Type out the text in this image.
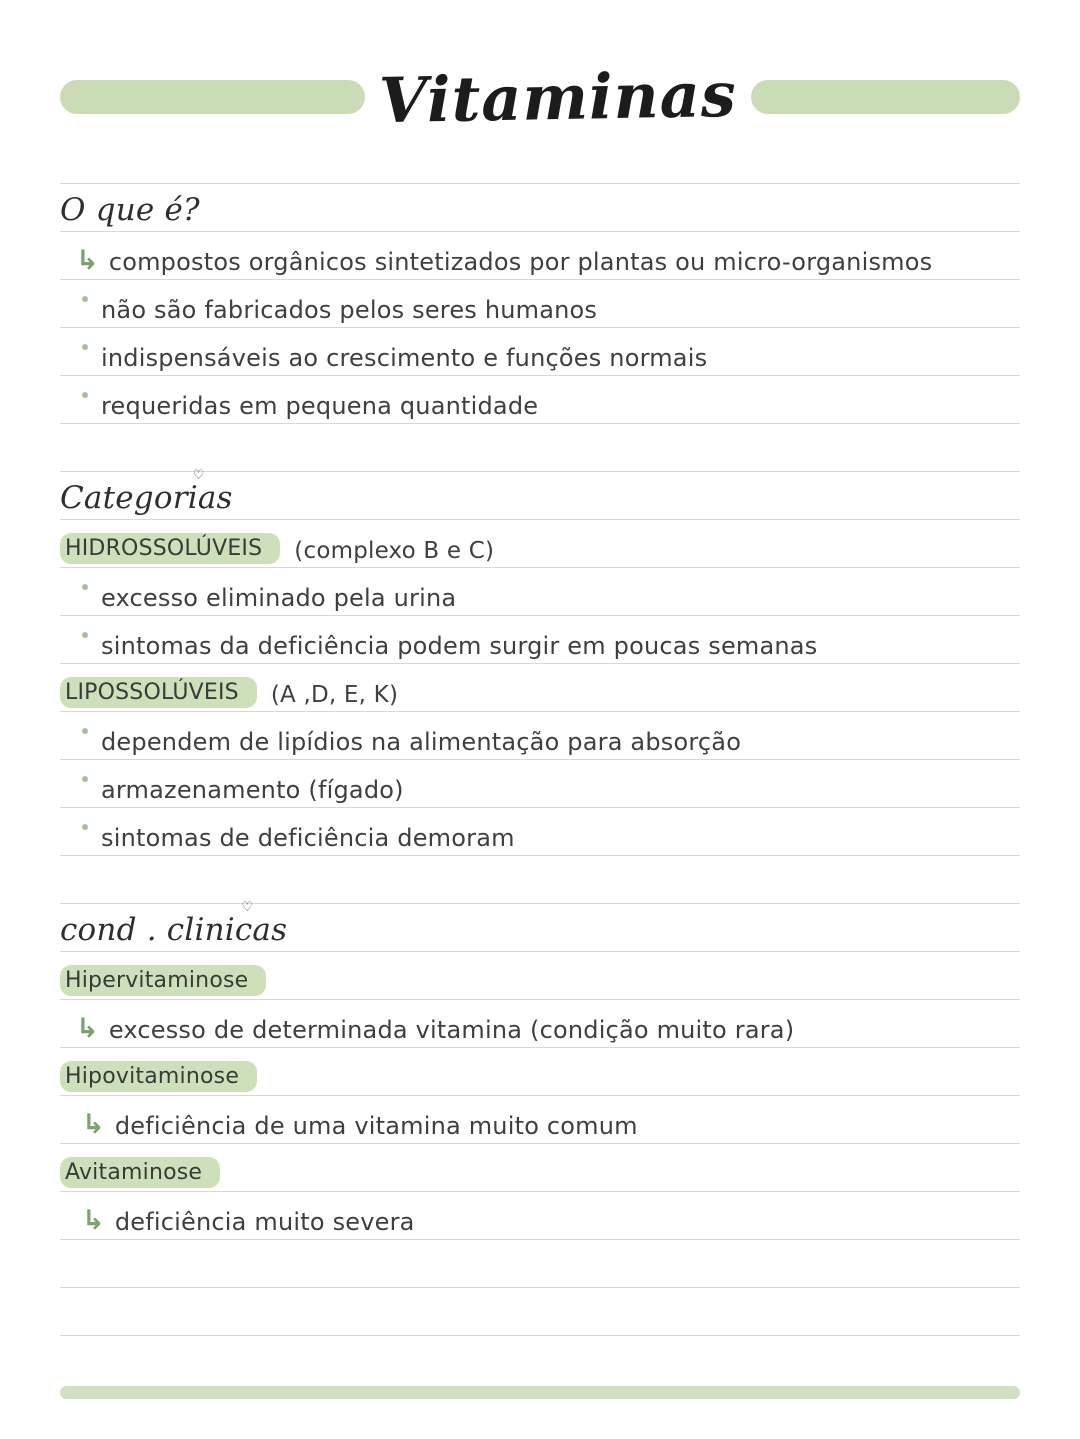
Vitaminas
O que é?
↳ compostos orgânicos sintetizados por plantas ou micro-organismos
não são fabricados pelos seres humanos
indispensáveis ao crescimento e funções normais
requeridas em pequena quantidade
Categorias
♡
HIDROSSOLÚVEIS	(complexo B e C)
excesso eliminado pela urina
sintomas da deficiência podem surgir em poucas semanas
LIPOSSOLÚVEIS	(A ,D, E, K)
dependem de lipídios na alimentação para absorção
armazenamento (fígado)
sintomas de deficiência demoram
cond . clinicas
♡
Hipervitaminose
↳ excesso de determinada vitamina (condição muito rara)
Hipovitaminose
↳ deficiência de uma vitamina muito comum
Avitaminose
↳ deficiência muito severa
